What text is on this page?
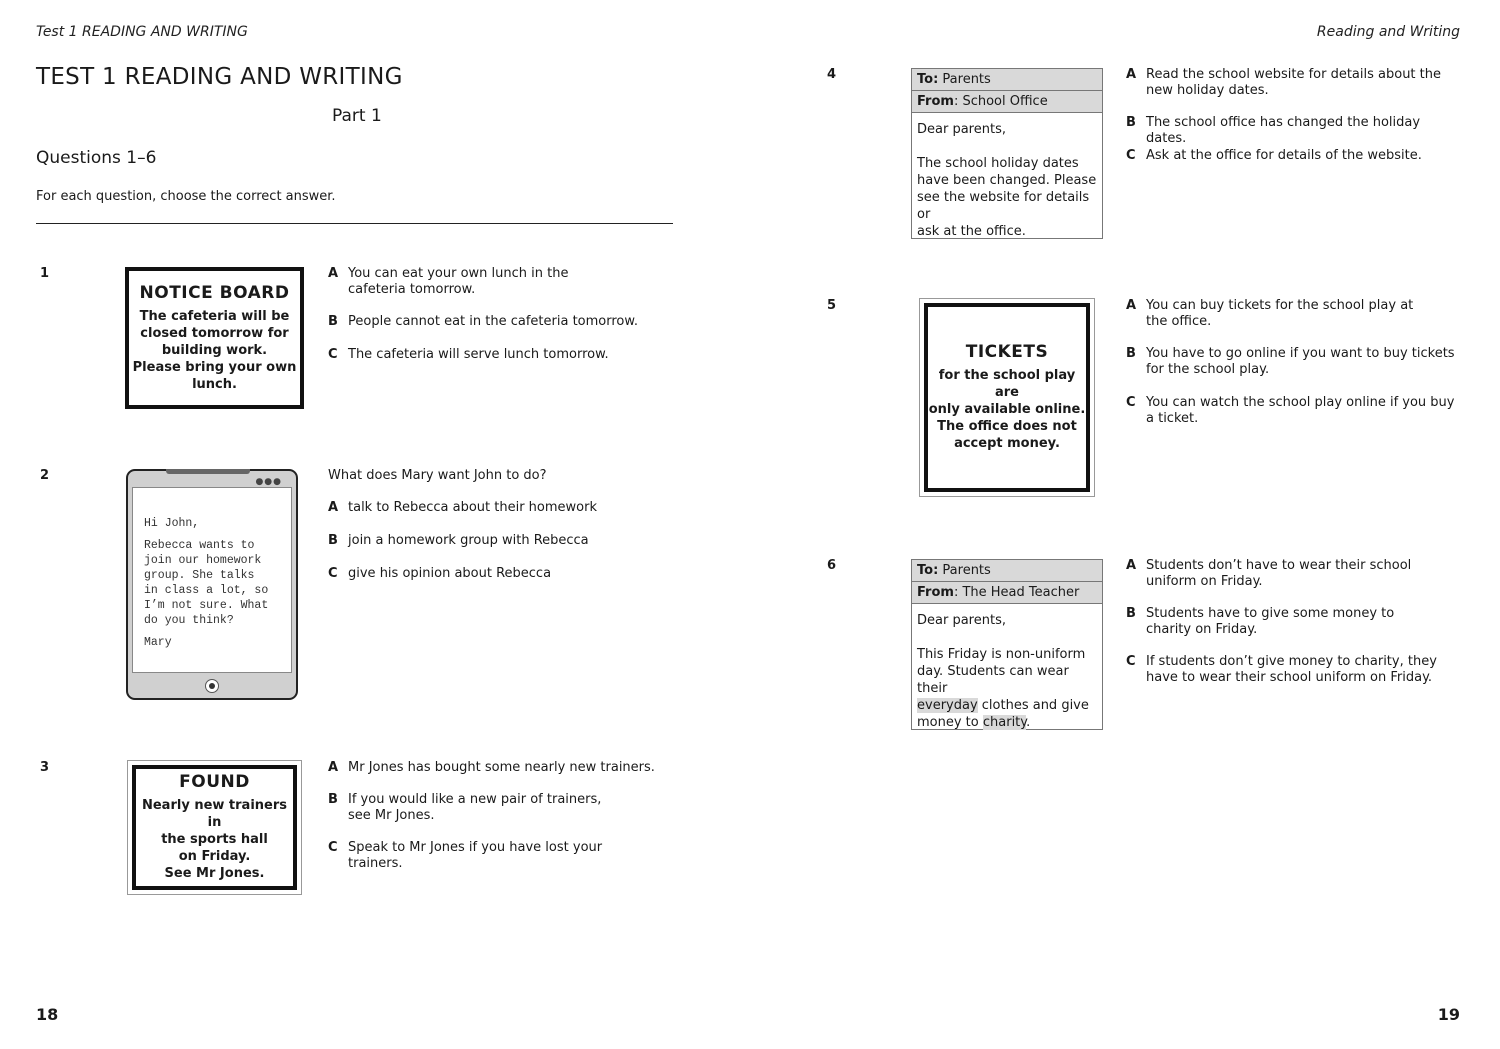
Test 1 READING AND WRITING
TEST 1 READING AND WRITING
Part 1
Questions 1–6
For each question, choose the correct answer.
1
NOTICE BOARD
The cafeteria will be
closed tomorrow for
building work.
Please bring your own
lunch.
A You can eat your own lunch in the cafeteria tomorrow.
B People cannot eat in the cafeteria tomorrow.
C The cafeteria will serve lunch tomorrow.
2	●●●
Hi John,
Rebecca wants to
join our homework
group. She talks
in class a lot, so
I’m not sure. What
do you think?
Mary
What does Mary want John to do?
A talk to Rebecca about their homework
B join a homework group with Rebecca
C give his opinion about Rebecca
3
FOUND
Nearly new trainers in
the sports hall
on Friday.
See Mr Jones.
A Mr Jones has bought some nearly new trainers.
B If you would like a new pair of trainers, see Mr Jones.
C Speak to Mr Jones if you have lost your trainers.
18
Reading and Writing
4	To: Parents
From: School Office
Dear parents,
The school holiday dates
have been changed. Please
see the website for details or
ask at the office.
A Read the school website for details about the new holiday dates.
B The school office has changed the holiday dates.
C Ask at the office for details of the website.
5
TICKETS
for the school play are
only available online.
The office does not
accept money.
A You can buy tickets for the school play at the office.
B You have to go online if you want to buy tickets for the school play.
C You can watch the school play online if you buy a ticket.
6	To: Parents
From: The Head Teacher
Dear parents,
This Friday is non-uniform
day. Students can wear their
everyday clothes and give
money to charity.
A Students don’t have to wear their school uniform on Friday.
B Students have to give some money to charity on Friday.
C If students don’t give money to charity, they have to wear their school uniform on Friday.
19
